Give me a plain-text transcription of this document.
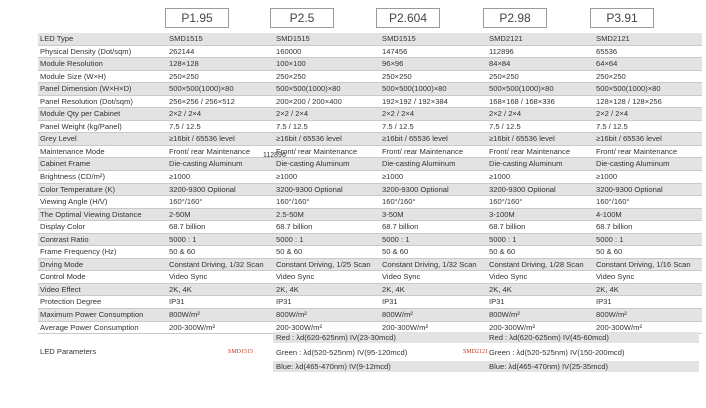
P1.95	P2.5	P2.604	P2.98	P3.91
LED Type	SMD1515	SMD1515	SMD1515	SMD2121	SMD2121
Physical Density (Dot/sqm)	262144	160000	147456	112896	65536
Module Resolution	128×128	100×100	96×96	84×84	64×64
Module Size (W×H)	250×250	250×250	250×250	250×250	250×250
Panel Dimension (W×H×D)	500×500(1000)×80	500×500(1000)×80	500×500(1000)×80	500×500(1000)×80	500×500(1000)×80
Panel Resolution (Dot/sqm)	256×256 / 256×512	200×200 / 200×400	192×192 / 192×384	168×168 / 168×336	128×128 / 128×256
Module Qty per Cabinet	2×2 / 2×4	2×2 / 2×4	2×2 / 2×4	2×2 / 2×4	2×2 / 2×4
Panel Weight (kg/Panel)	7.5 / 12.5	7.5 / 12.5	7.5 / 12.5	7.5 / 12.5	7.5 / 12.5
Grey Level	≥16bit / 65536 level	≥16bit / 65536 level	≥16bit / 65536 level	≥16bit / 65536 level	≥16bit / 65536 level
Maintenance Mode	Front/ rear Maintenance	Front/ rear Maintenance	Front/ rear Maintenance	Front/ rear Maintenance	Front/ rear Maintenance
Cabinet Frame	Die-casting Aluminum	Die-casting Aluminum	Die-casting Aluminum	Die-casting Aluminum	Die-casting Aluminum
Brightness (CD/m²)	≥1000	≥1000	≥1000	≥1000	≥1000
Color Temperature (K)	3200-9300 Optional	3200-9300 Optional	3200-9300 Optional	3200-9300 Optional	3200-9300 Optional
Viewing Angle (H/V)	160°/160°	160°/160°	160°/160°	160°/160°	160°/160°
The Optimal Viewing Distance	2-50M	2.5-50M	3-50M	3-100M	4-100M
Display Color	68.7 billion	68.7 billion	68.7 billion	68.7 billion	68.7 billion
Contrast Ratio	5000 : 1	5000 : 1	5000 : 1	5000 : 1	5000 : 1
Frame Frequency (Hz)	50 & 60	50 & 60	50 & 60	50 & 60	50 & 60
Drving Mode	Constant Driving, 1/32 Scan	Constant Driving, 1/25 Scan	Constant Driving, 1/32 Scan	Constant Driving, 1/28 Scan	Constant Driving, 1/16 Scan
Control Mode	Video Sync	Video Sync	Video Sync	Video Sync	Video Sync
Video Effect	2K, 4K	2K, 4K	2K, 4K	2K, 4K	2K, 4K
Protection Degree	IP31	IP31	IP31	IP31	IP31
Maximum Power Consumption	800W/m²	800W/m²	800W/m²	800W/m²	800W/m²
Average Power Consumption	200-300W/m²	200-300W/m²	200-300W/m²	200-300W/m²	200-300W/m²
112896
LED Parameters
Red : λd(620-625nm) IV(23-30mcd)
Green : λd(520-525nm) IV(95-120mcd)
Blue: λd(465-470nm) IV(9-12mcd)
SMD1515
Red : λd(620-625nm) IV(45-60mcd)
Green : λd(520-525nm) IV(150-200mcd)
Blue: λd(465-470nm) IV(25-35mcd)
SMD2121
